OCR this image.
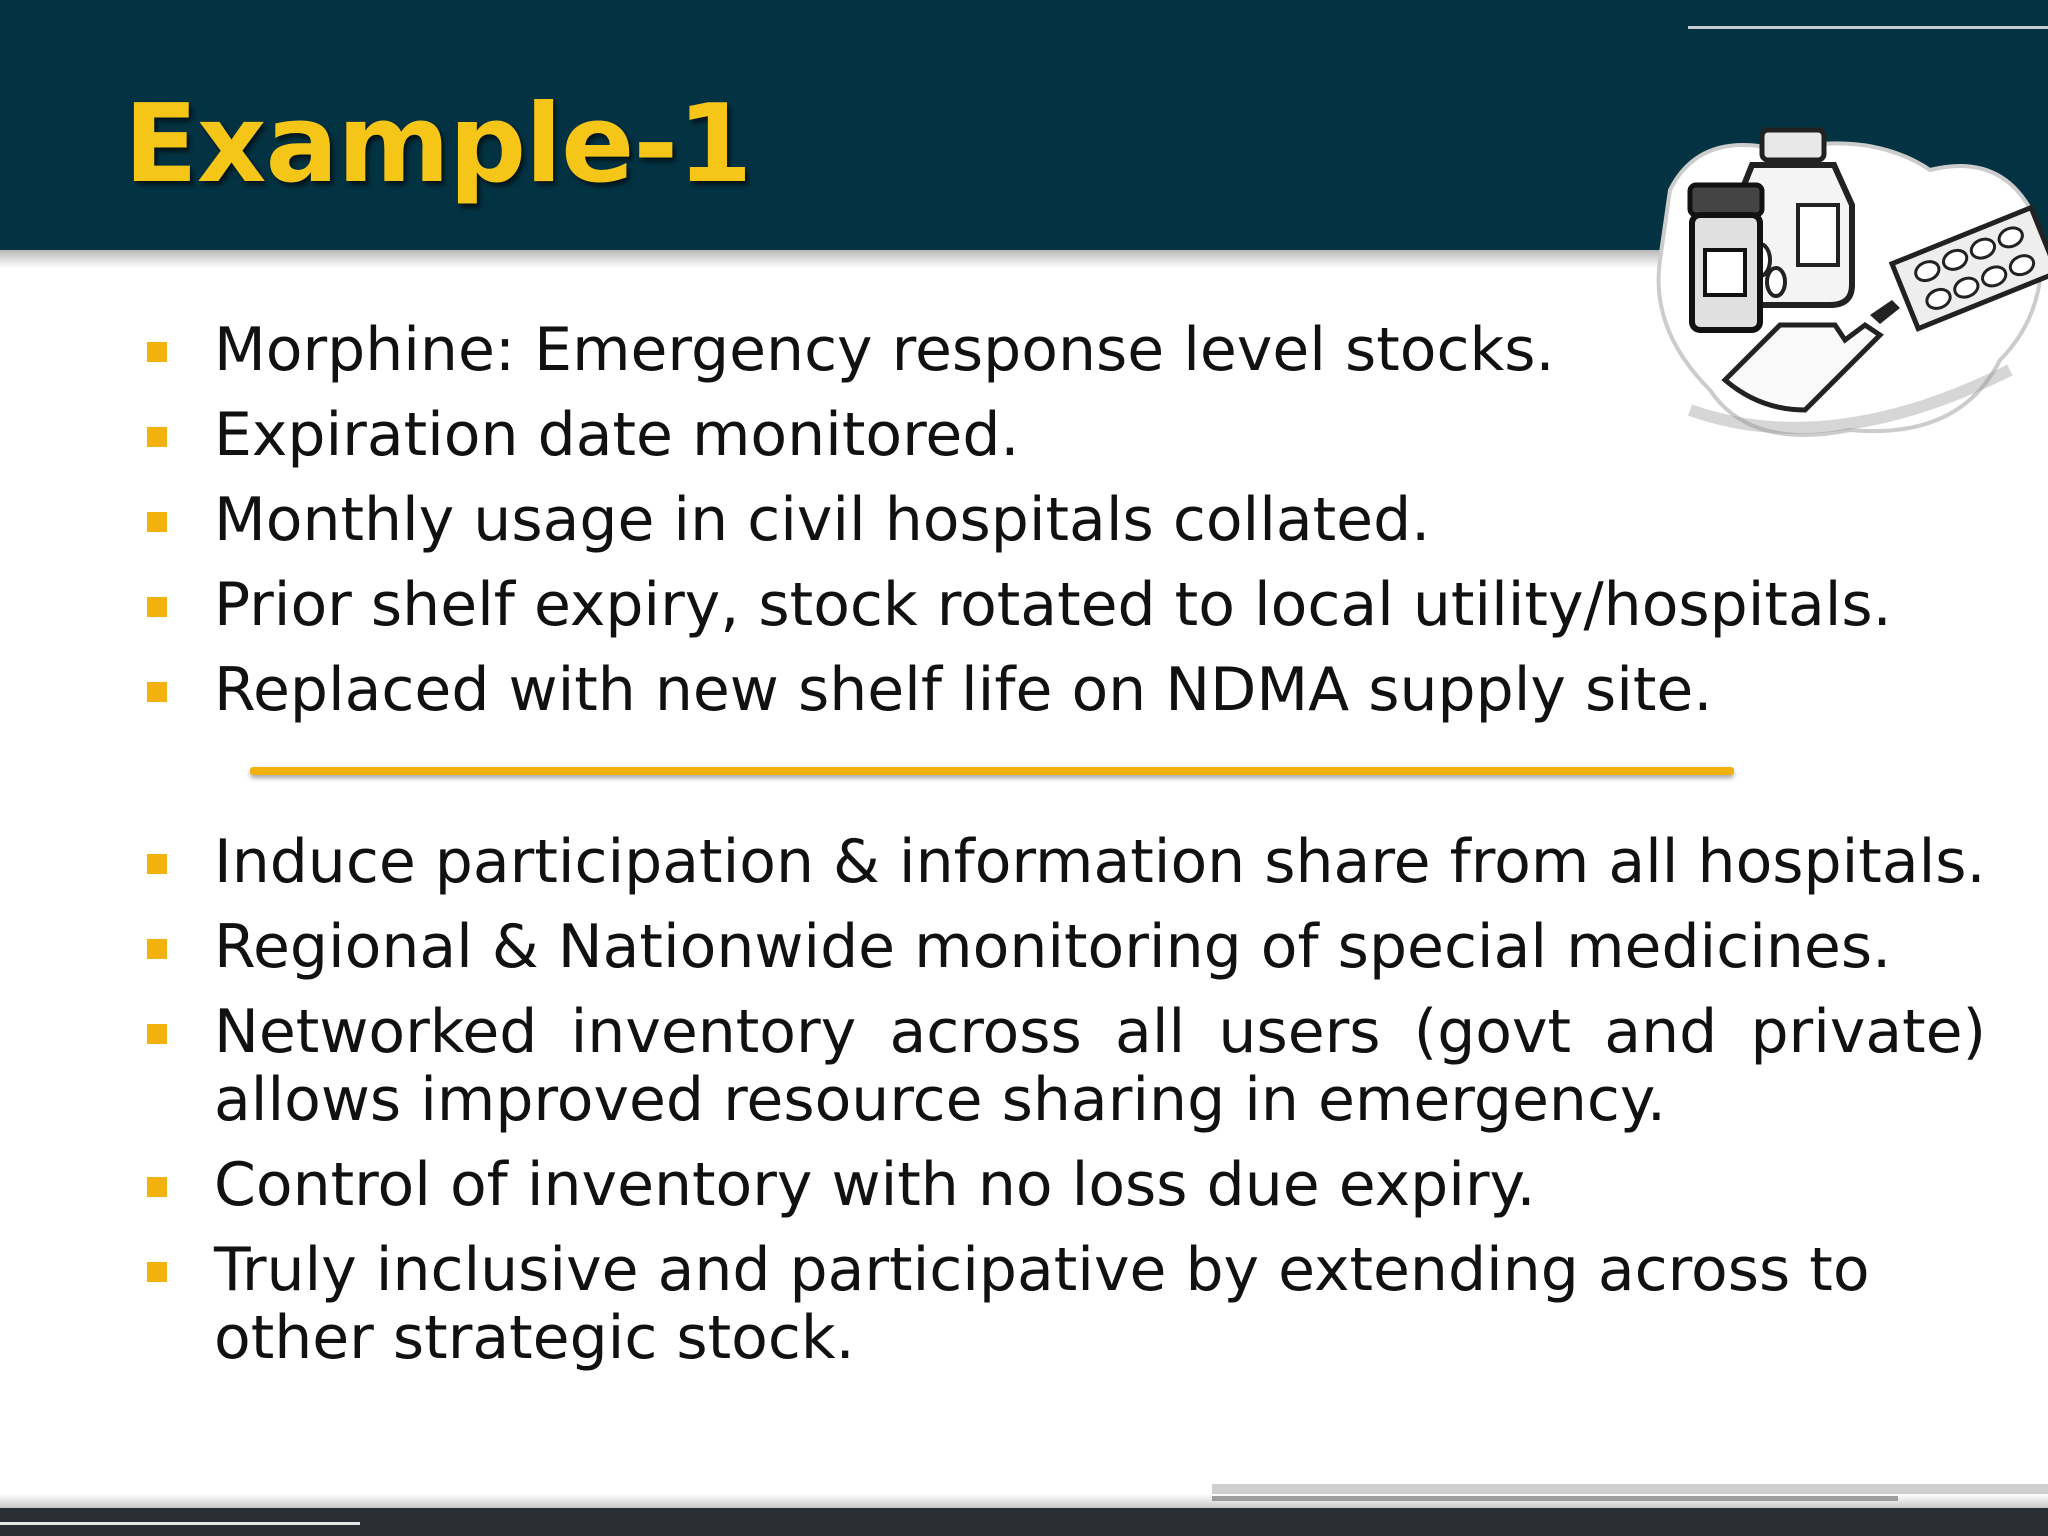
Example-1
Morphine: Emergency response level stocks.
Expiration date monitored.
Monthly usage in civil hospitals collated.
Prior shelf expiry, stock rotated to local utility/hospitals.
Replaced with new shelf life on NDMA supply site.
Induce participation & information share from all hospitals.
Regional & Nationwide monitoring of special medicines.
Networked inventory across all users (govt and private) allows improved resource sharing in emergency.
Control of inventory with no loss due expiry.
Truly inclusive and participative by extending across to other strategic stock.
